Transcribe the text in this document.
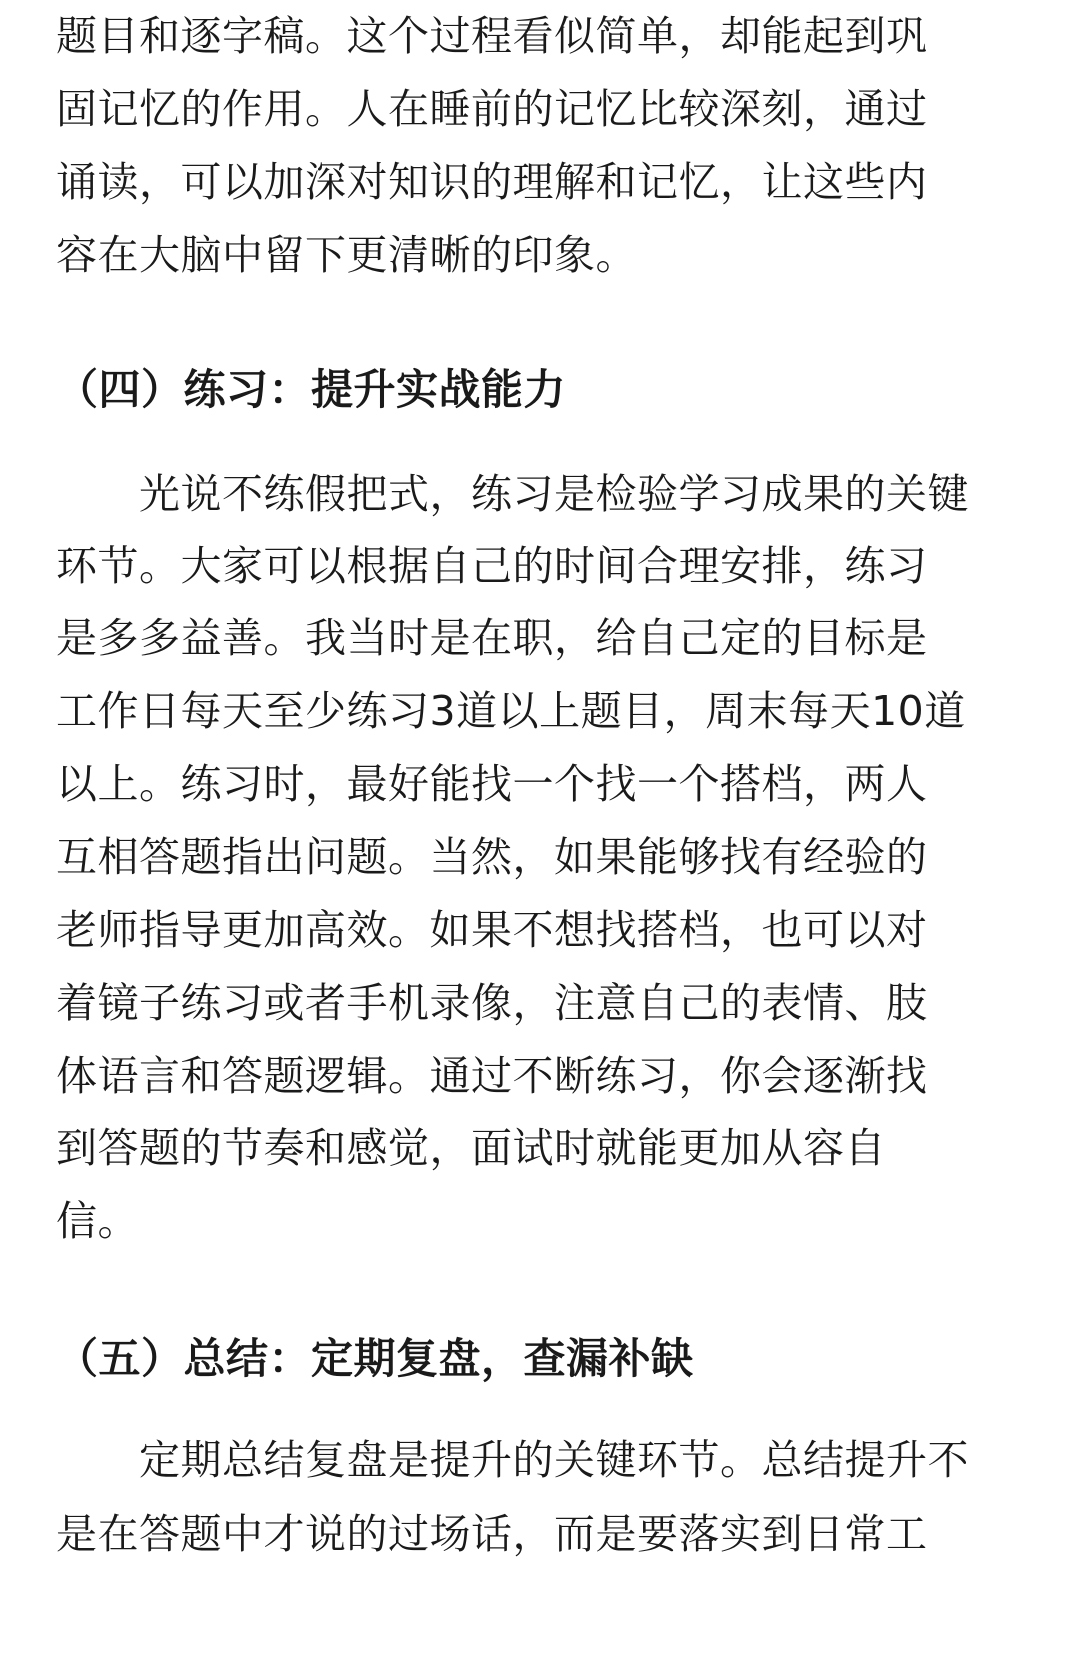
题目和逐字稿。这个过程看似简单，却能起到巩
固记忆的作用。人在睡前的记忆比较深刻，通过
诵读，可以加深对知识的理解和记忆，让这些内
容在大脑中留下更清晰的印象。
（四）练习：提升实战能力
　　光说不练假把式，练习是检验学习成果的关键
环节。大家可以根据自己的时间合理安排，练习
是多多益善。我当时是在职，给自己定的目标是
工作日每天至少练习3道以上题目，周末每天10道
以上。练习时，最好能找一个找一个搭档，两人
互相答题指出问题。当然，如果能够找有经验的
老师指导更加高效。如果不想找搭档，也可以对
着镜子练习或者手机录像，注意自己的表情、肢
体语言和答题逻辑。通过不断练习，你会逐渐找
到答题的节奏和感觉，面试时就能更加从容自
信。
（五）总结：定期复盘，查漏补缺
　　定期总结复盘是提升的关键环节。总结提升不
是在答题中才说的过场话，而是要落实到日常工
